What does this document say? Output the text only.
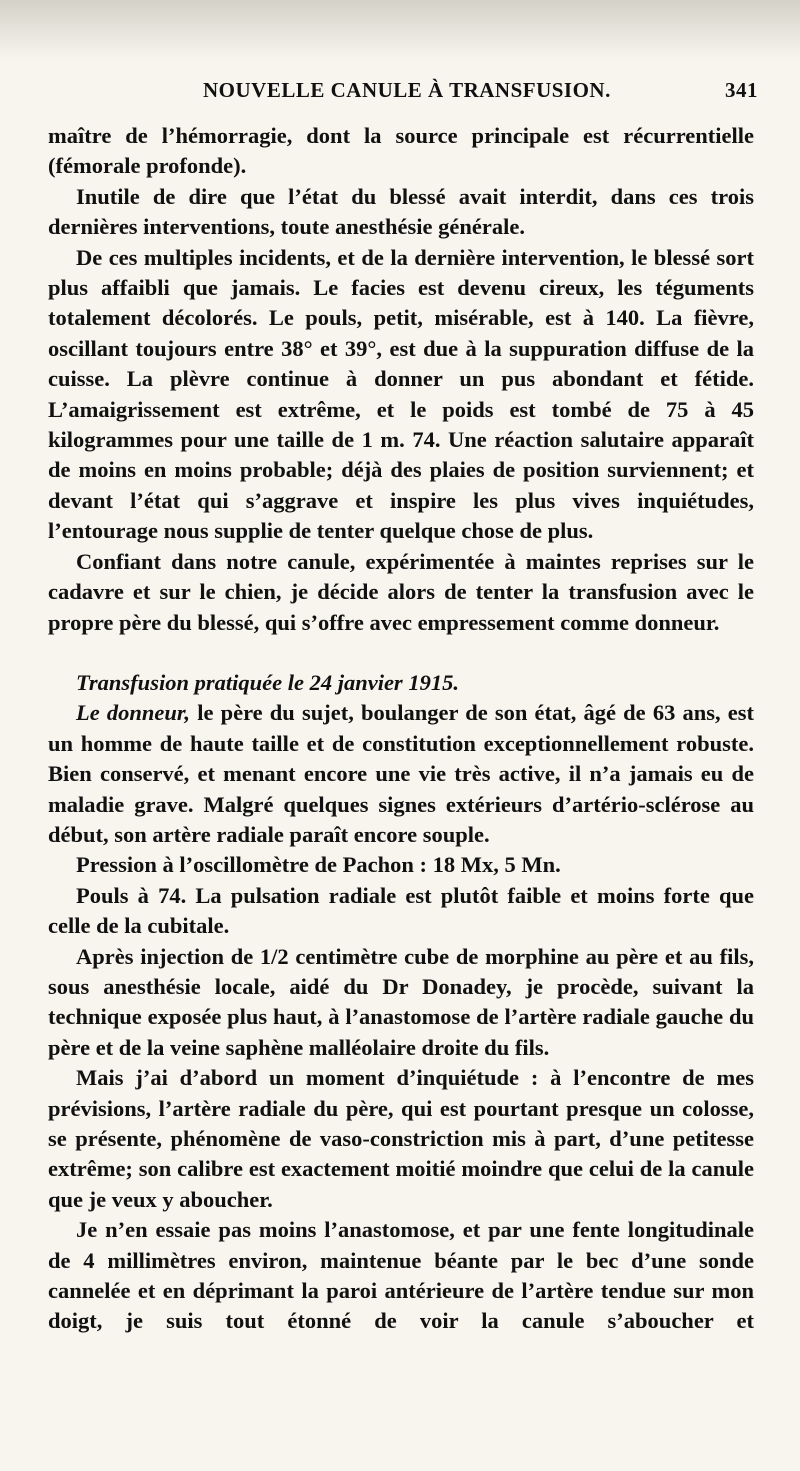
NOUVELLE CANULE À TRANSFUSION.	341

maître de l’hémorragie, dont la source principale est récurrentielle (fémorale profonde).

Inutile de dire que l’état du blessé avait interdit, dans ces trois dernières interventions, toute anesthésie générale.

De ces multiples incidents, et de la dernière intervention, le blessé sort plus affaibli que jamais. Le facies est devenu cireux, les téguments totalement décolorés. Le pouls, petit, misérable, est à 140. La fièvre, oscillant toujours entre 38° et 39°, est due à la suppuration diffuse de la cuisse. La plèvre continue à donner un pus abondant et fétide. L’amaigrissement est extrême, et le poids est tombé de 75 à 45 kilogrammes pour une taille de 1 m. 74. Une réaction salutaire apparaît de moins en moins probable; déjà des plaies de position surviennent; et devant l’état qui s’aggrave et inspire les plus vives inquiétudes, l’entourage nous supplie de tenter quelque chose de plus.

Confiant dans notre canule, expérimentée à maintes reprises sur le cadavre et sur le chien, je décide alors de tenter la transfusion avec le propre père du blessé, qui s’offre avec empressement comme donneur.

Transfusion pratiquée le 24 janvier 1915.

Le donneur, le père du sujet, boulanger de son état, âgé de 63 ans, est un homme de haute taille et de constitution exceptionnellement robuste. Bien conservé, et menant encore une vie très active, il n’a jamais eu de maladie grave. Malgré quelques signes extérieurs d’artério-sclérose au début, son artère radiale paraît encore souple.

Pression à l’oscillomètre de Pachon : 18 Mx, 5 Mn.

Pouls à 74. La pulsation radiale est plutôt faible et moins forte que celle de la cubitale.

Après injection de 1/2 centimètre cube de morphine au père et au fils, sous anesthésie locale, aidé du Dr Donadey, je procède, suivant la technique exposée plus haut, à l’anastomose de l’artère radiale gauche du père et de la veine saphène malléolaire droite du fils.

Mais j’ai d’abord un moment d’inquiétude : à l’encontre de mes prévisions, l’artère radiale du père, qui est pourtant presque un colosse, se présente, phénomène de vaso-constriction mis à part, d’une petitesse extrême; son calibre est exactement moitié moindre que celui de la canule que je veux y aboucher.

Je n’en essaie pas moins l’anastomose, et par une fente longitudinale de 4 millimètres environ, maintenue béante par le bec d’une sonde cannelée et en déprimant la paroi antérieure de l’artère tendue sur mon doigt, je suis tout étonné de voir la canule s’aboucher et
